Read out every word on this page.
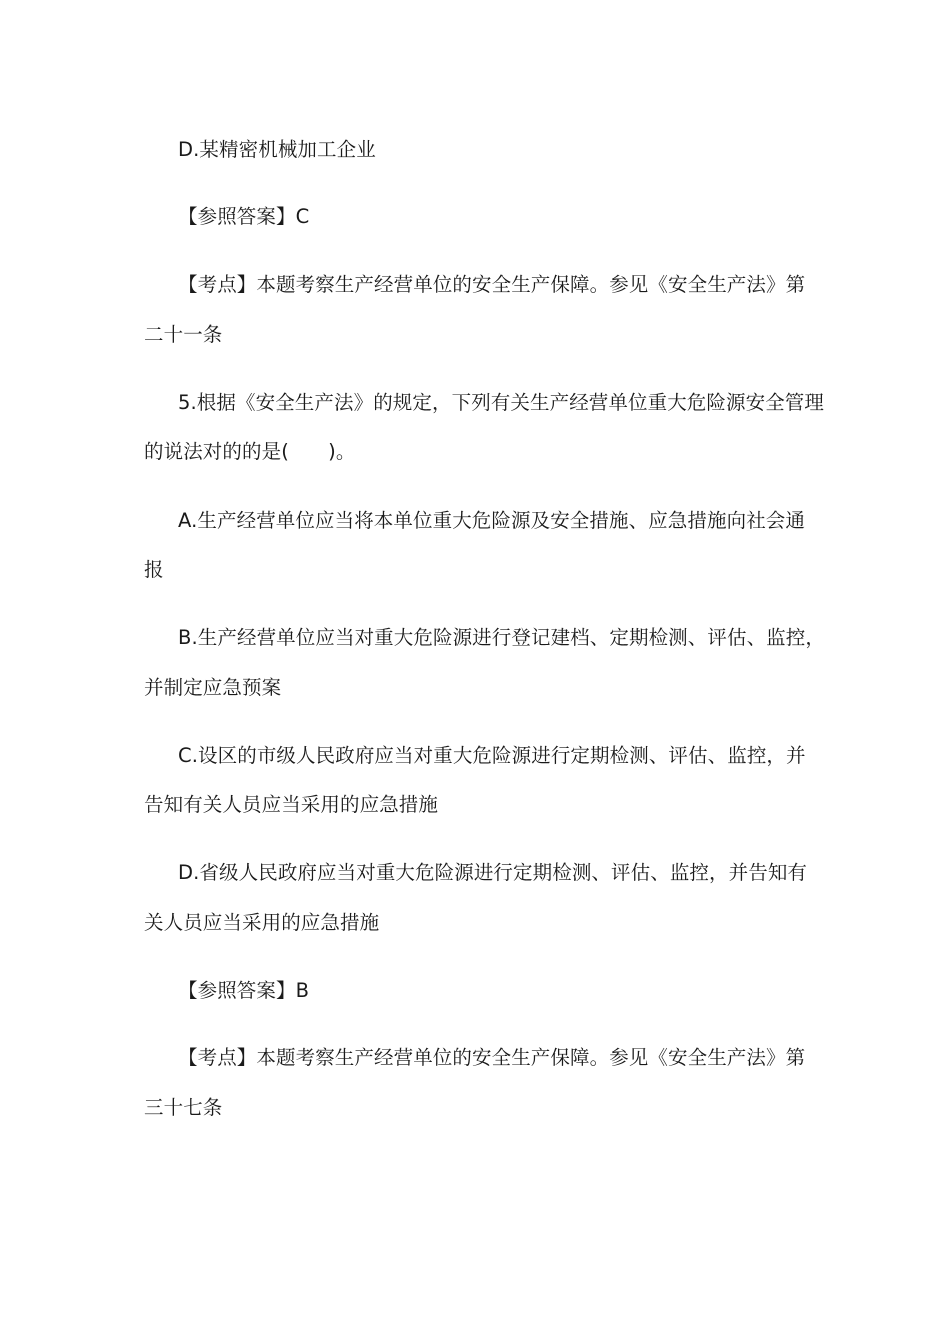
D.某精密机械加工企业
【参照答案】C
【考点】本题考察生产经营单位的安全生产保障。参见《安全生产法》第
二十一条
5.根据《安全生产法》的规定，下列有关生产经营单位重大危险源安全管理
的说法对的的是(　　)。
A.生产经营单位应当将本单位重大危险源及安全措施、应急措施向社会通
报
B.生产经营单位应当对重大危险源进行登记建档、定期检测、评估、监控，
并制定应急预案
C.设区的市级人民政府应当对重大危险源进行定期检测、评估、监控，并
告知有关人员应当采用的应急措施
D.省级人民政府应当对重大危险源进行定期检测、评估、监控，并告知有
关人员应当采用的应急措施
【参照答案】B
【考点】本题考察生产经营单位的安全生产保障。参见《安全生产法》第
三十七条
